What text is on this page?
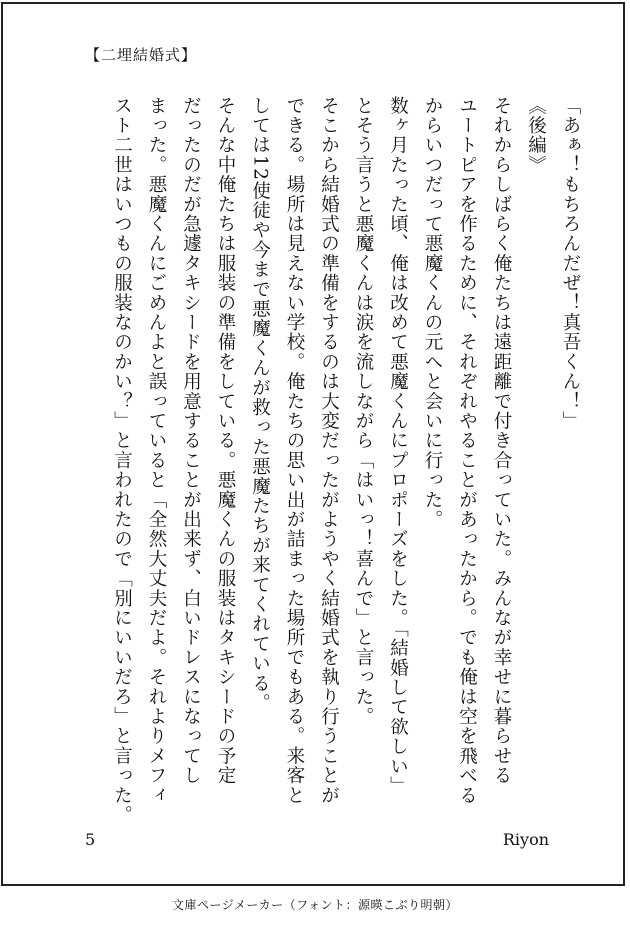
【二埋結婚式】
「あぁ！もちろんだぜ！真吾くん！」
《後編》
それからしばらく俺たちは遠距離で付き合っていた。みんなが幸せに暮らせる
ユートピアを作るために、それぞれやることがあったから。でも俺は空を飛べる
からいつだって悪魔くんの元へと会いに行った。
数ヶ月たった頃、俺は改めて悪魔くんにプロポーズをした。「結婚して欲しい」
とそう言うと悪魔くんは涙を流しながら「はいっ！喜んで」と言った。
そこから結婚式の準備をするのは大変だったがようやく結婚式を執り行うことが
できる。場所は見えない学校。俺たちの思い出が詰まった場所でもある。来客と
しては12使徒や今まで悪魔くんが救った悪魔たちが来てくれている。
そんな中俺たちは服装の準備をしている。悪魔くんの服装はタキシードの予定
だったのだが急遽タキシードを用意することが出来ず、白いドレスになってし
まった。悪魔くんにごめんよと誤っていると「全然大丈夫だよ。それよりメフィ
スト二世はいつもの服装なのかい？」と言われたので「別にいいだろ」と言った。
5	Riyon
文庫ページメーカー（フォント：源暎こぶり明朝）
